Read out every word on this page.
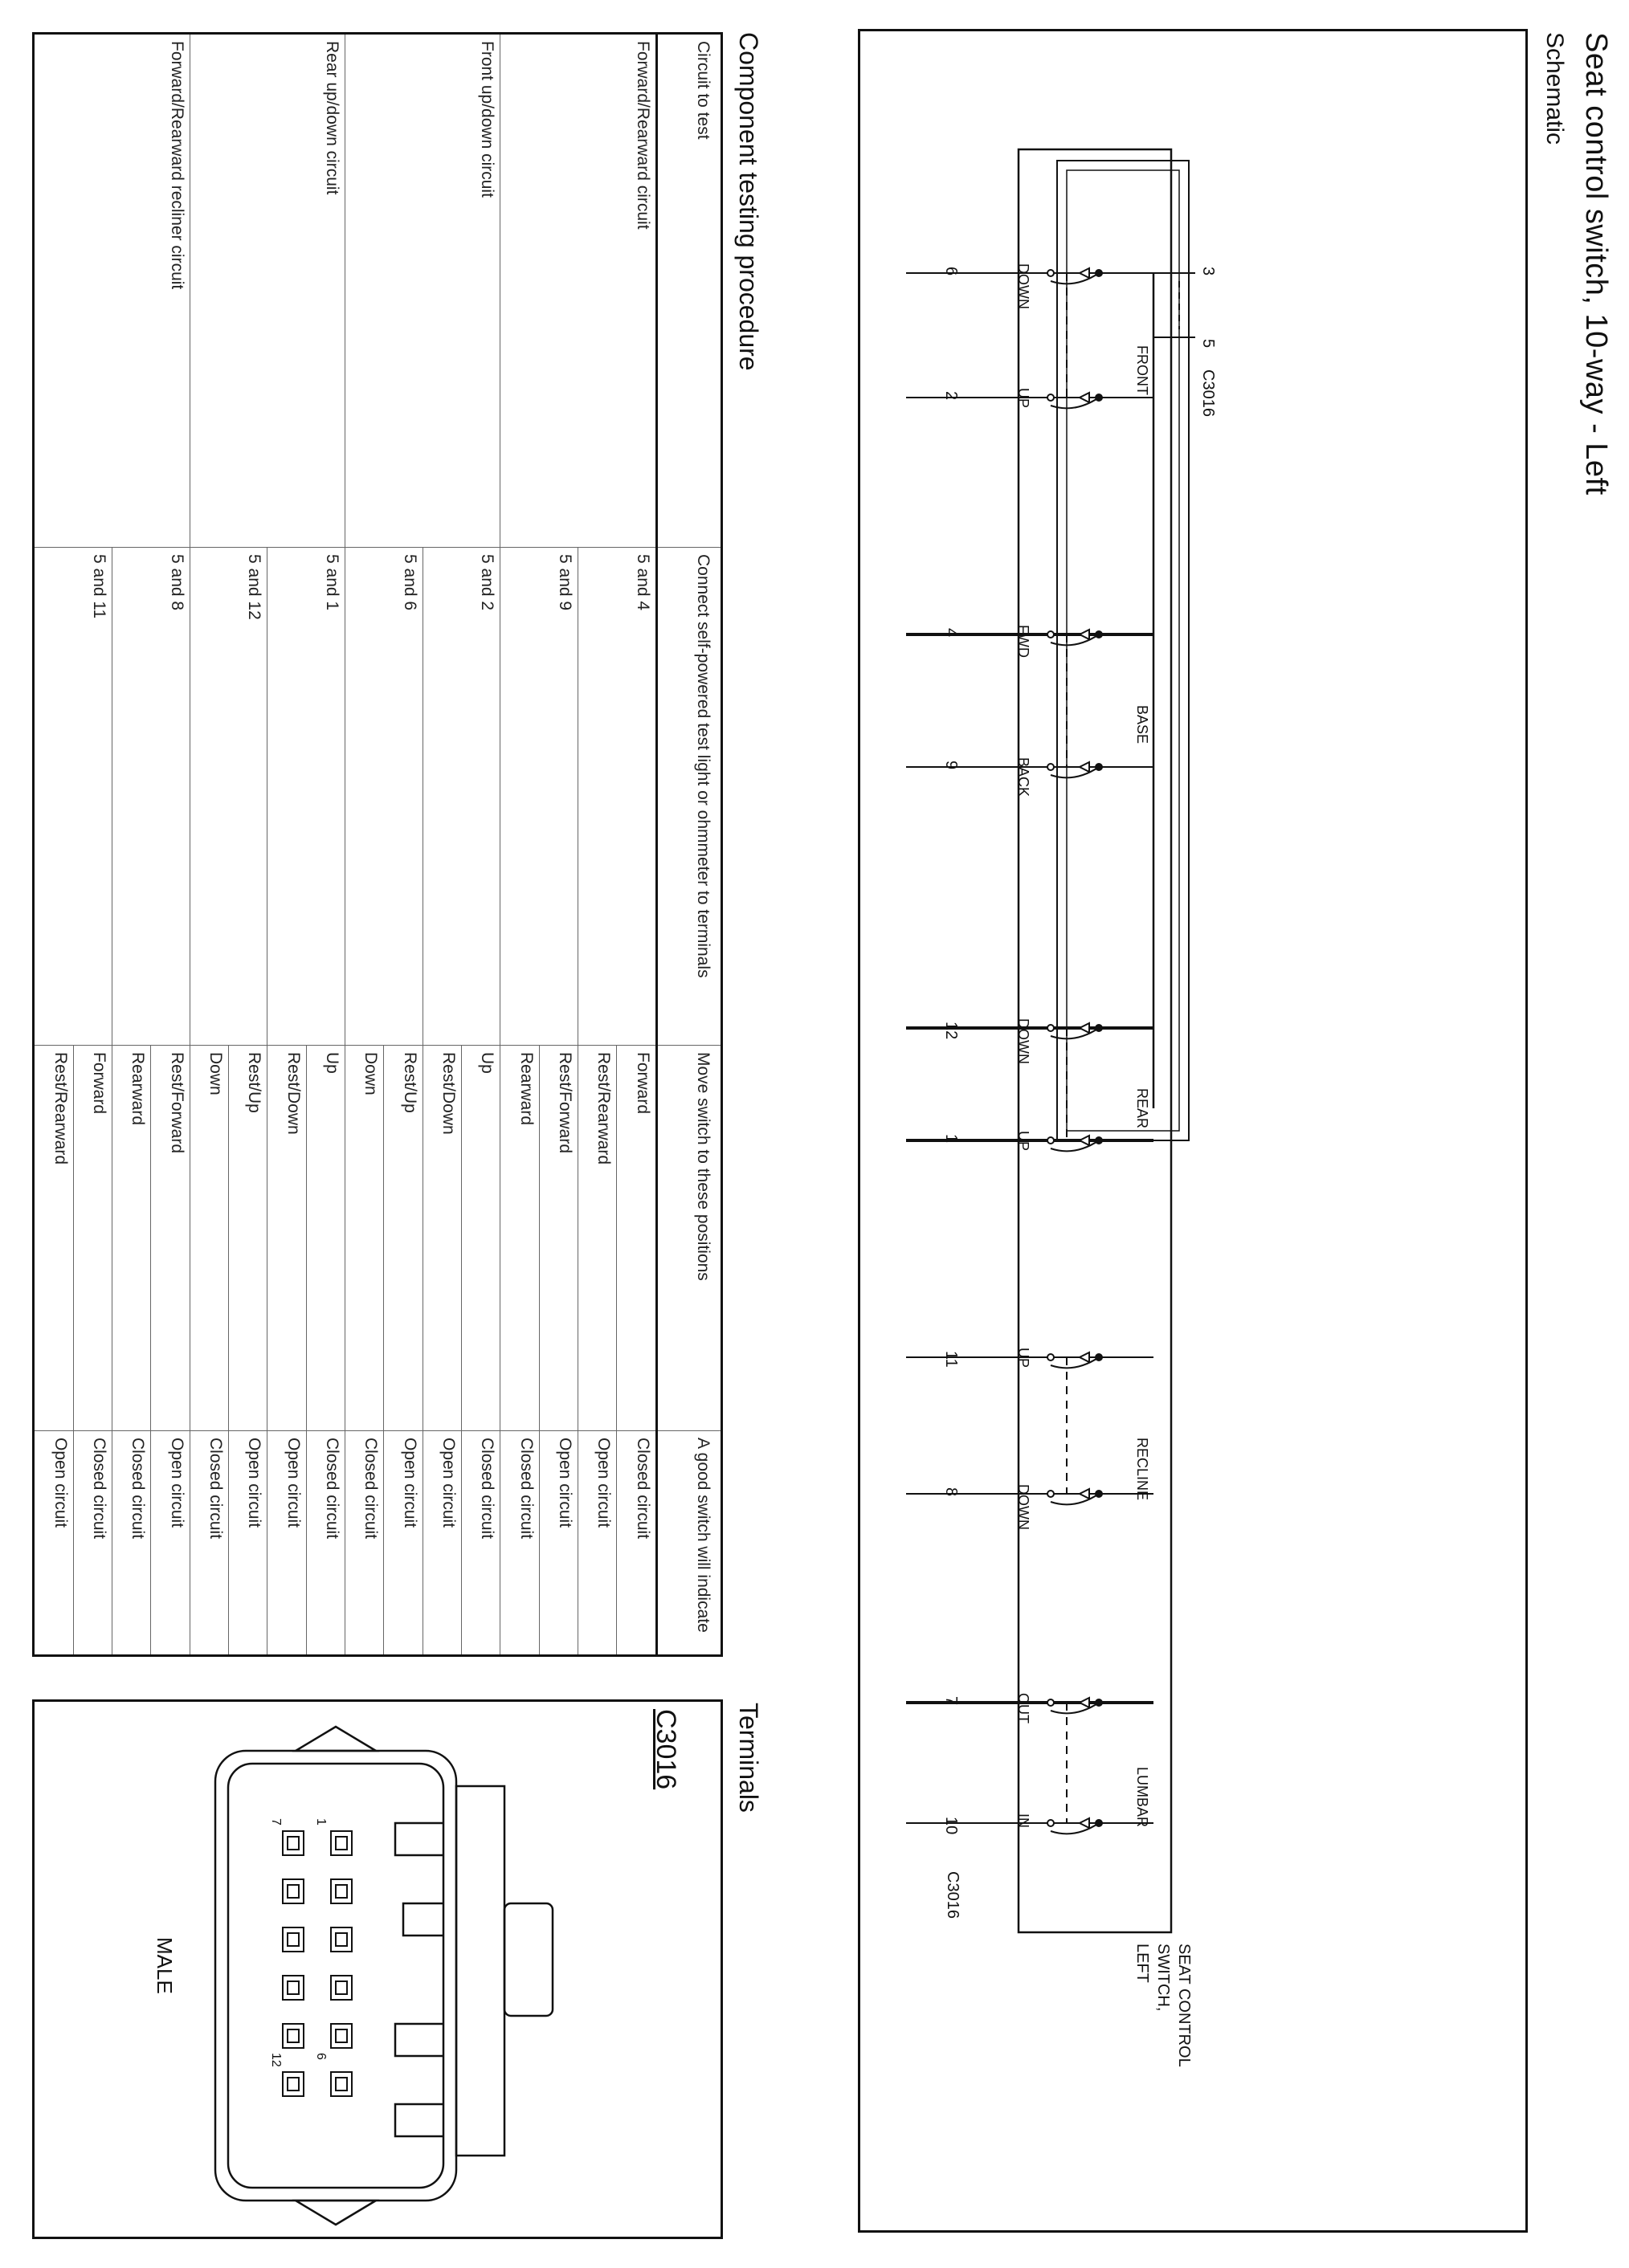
Seat control switch, 10-way - Left
Schematic
3
5
C3016
FRONT
BASE
REAR
RECLINE
LUMBAR
DOWN
6
UP
2
FWD
4
BACK
9
DOWN
12
UP
1
UP
11
DOWN
8
OUT
7
IN
10
C3016
SEAT CONTROL
SWITCH,
LEFT
Component testing procedure
Circuit to test	Connect self-powered test light or ohmmeter to terminals	Move switch to these positions	A good switch will indicate
Forward/Rearward circuit	5 and 4	Forward	Closed circuit
		Rest/Rearward	Open circuit
	5 and 9	Rest/Forward	Open circuit
		Rearward	Closed circuit
Front up/down circuit	5 and 2	Up	Closed circuit
		Rest/Down	Open circuit
	5 and 6	Rest/Up	Open circuit
		Down	Closed circuit
Rear up/down circuit	5 and 1	Up	Closed circuit
		Rest/Down	Open circuit
	5 and 12	Rest/Up	Open circuit
		Down	Closed circuit
Forward/Rearward recliner circuit	5 and 8	Rest/Forward	Open circuit
		Rearward	Closed circuit
	5 and 11	Forward	Closed circuit
		Rest/Rearward	Open circuit
Terminals
C3016
1
6
7
12
MALE
